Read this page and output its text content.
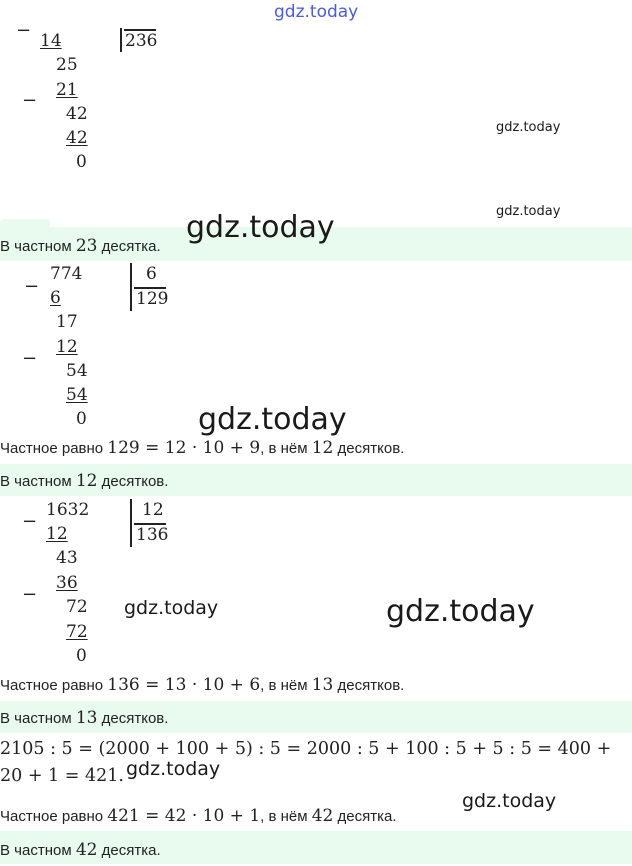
gdz.today
− 14	236
25
− 21
42
42
0
gdz.today
gdz.today
В частном 23 десятка.
gdz.today
774
−
6
6
129
17
−
12
54
54
0	gdz.today
Частное равно 129 = 12 · 10 + 9, в нём 12 десятков.
В частном 12 десятков.
1632
−
12
12
136
43
−
36
72
72
0
gdz.today	gdz.today
Частное равно 136 = 13 · 10 + 6, в нём 13 десятков.
В частном 13 десятков.
2105 : 5 = (2000 + 100 + 5) : 5 = 2000 : 5 + 100 : 5 + 5 : 5 = 400 +
20 + 1 = 421. gdz.today
gdz.today
Частное равно 421 = 42 · 10 + 1, в нём 42 десятка.
В частном 42 десятка.
